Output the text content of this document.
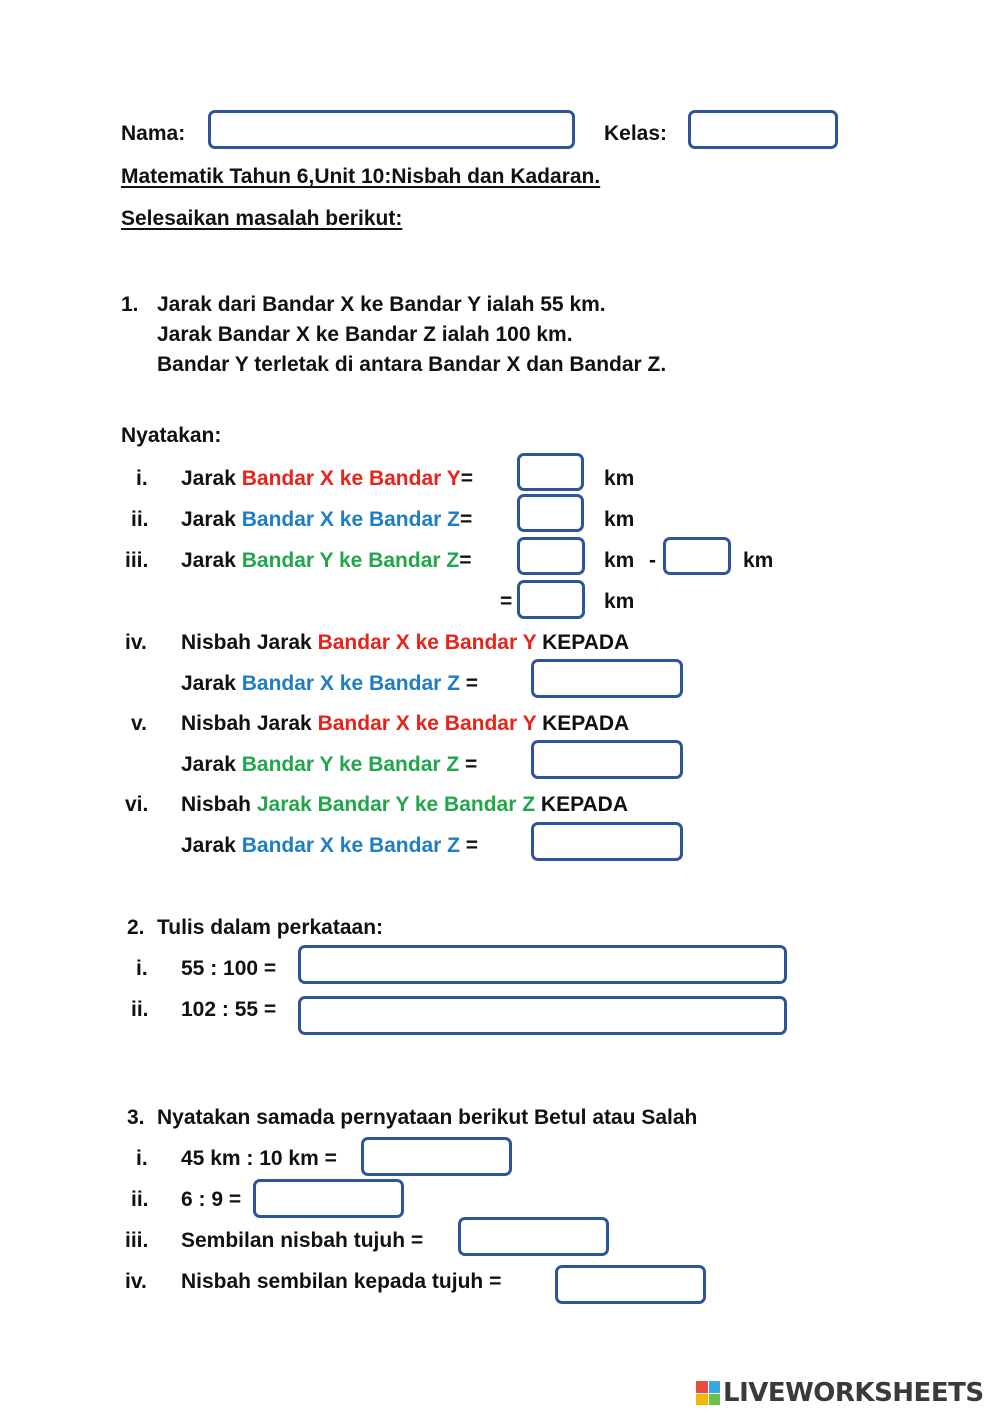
Nama:	Kelas:
Matematik Tahun 6,Unit 10:Nisbah dan Kadaran.
Selesaikan masalah berikut:
1. Jarak dari Bandar X ke Bandar Y ialah 55 km.
Jarak Bandar X ke Bandar Z ialah 100 km.
Bandar Y terletak di antara Bandar X dan Bandar Z.
Nyatakan:
i. Jarak Bandar X ke Bandar Y=	km
ii. Jarak Bandar X ke Bandar Z=	km
iii. Jarak Bandar Y ke Bandar Z=	km -	km
=	km
iv. Nisbah Jarak Bandar X ke Bandar Y KEPADA
Jarak Bandar X ke Bandar Z =
v. Nisbah Jarak Bandar X ke Bandar Y KEPADA
Jarak Bandar Y ke Bandar Z =
vi. Nisbah Jarak Bandar Y ke Bandar Z KEPADA
Jarak Bandar X ke Bandar Z =
2. Tulis dalam perkataan:
i. 55 : 100 =
ii. 102 : 55 =
3. Nyatakan samada pernyataan berikut Betul atau Salah
i. 45 km : 10 km =
ii. 6 : 9 =
iii. Sembilan nisbah tujuh =
iv. Nisbah sembilan kepada tujuh =
LIVEWORKSHEETS
